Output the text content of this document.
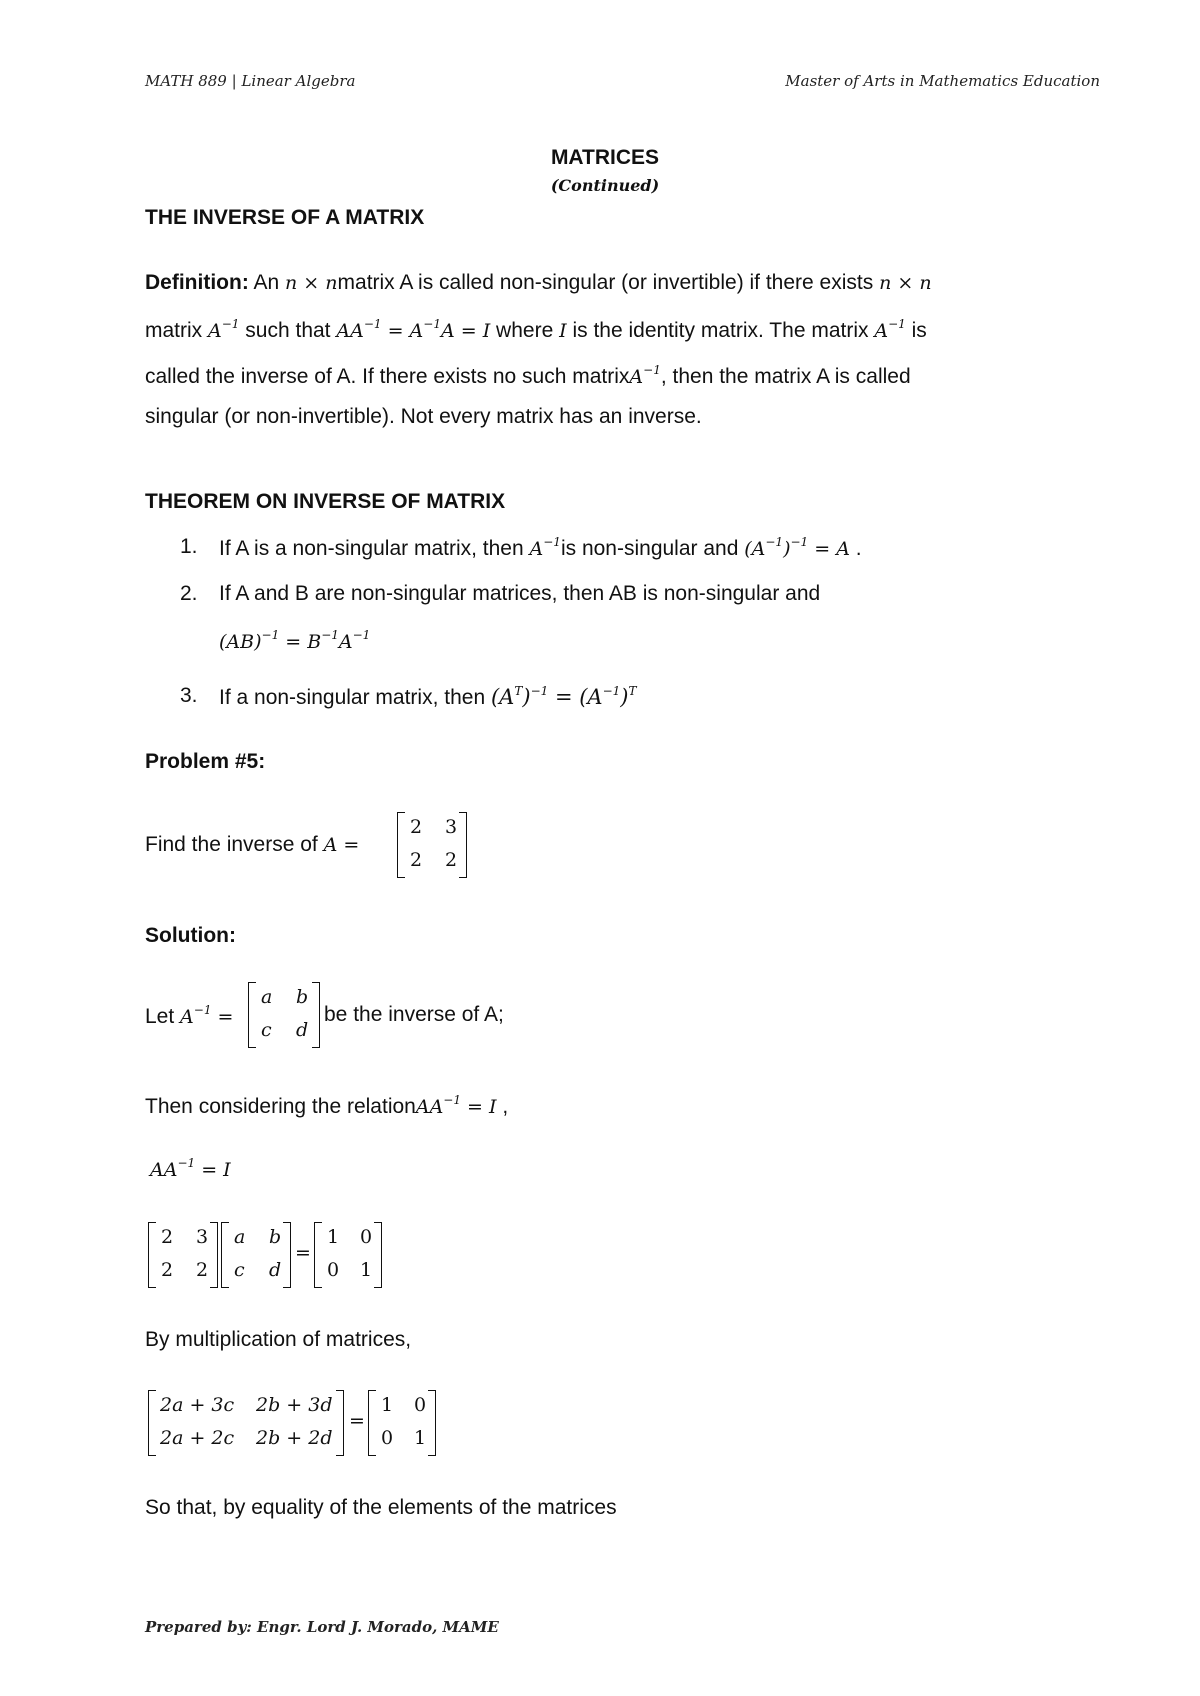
MATH 889 | Linear Algebra	Master of Arts in Mathematics Education
MATRICES
(Continued)
THE INVERSE OF A MATRIX
Definition: An n × nmatrix A is called non-singular (or invertible) if there exists n × n
matrix $A^{-1}$ such that $AA^{-1} = A^{-1}A = I$ where I is the identity matrix. The matrix $A^{-1}$ is
called the inverse of A. If there exists no such matrixA$^{-1}$, then the matrix A is called
singular (or non-invertible). Not every matrix has an inverse.
THEOREM ON INVERSE OF MATRIX
1. If A is a non-singular matrix, then $A^{-1}is$ non-singular and $(A^{-1})^{-1} = A$ .
2. If A and B are non-singular matrices, then AB is non-singular and
$(AB)^{-1} = B^{-1}A^{-1}$
3. If a non-singular matrix, then $(A^T)^{-1} = (A^{-1})^T$
Problem #5:
Find the inverse of A =
2 3
2 2
Solution:
Let $A^{-1}$ =
a b
c d
be the inverse of A;
Then considering the relationAA$^{-1}$ = I ,
$AA^{-1} = I$
2 3
2 2
a b
c d
=
1 0
0 1
By multiplication of matrices,
2a + 3c 2b + 3d
2a + 2c 2b + 2d
=
1 0
0 1
So that, by equality of the elements of the matrices
Prepared by: Engr. Lord J. Morado, MAME
